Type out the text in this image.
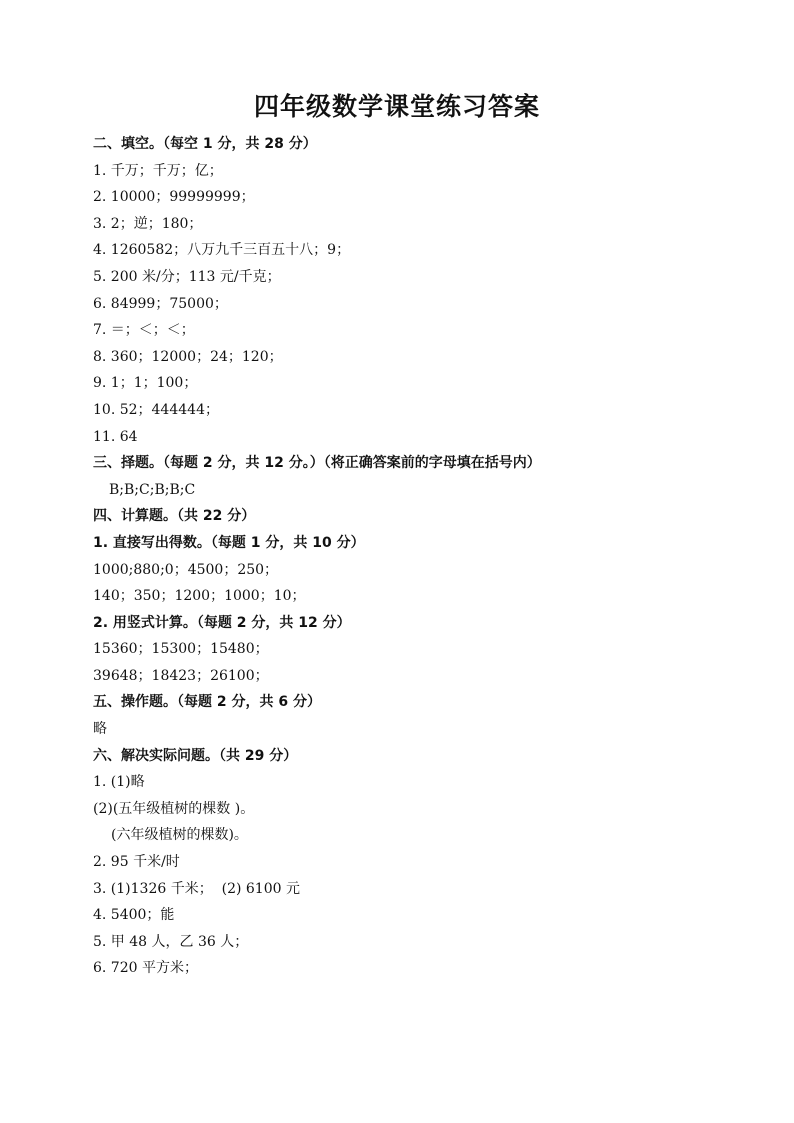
四年级数学课堂练习答案
二、填空。（每空 1 分，共 28 分）
1. 千万；千万；亿；
2. 10000；99999999；
3. 2；逆；180；
4. 1260582；八万九千三百五十八；9；
5. 200 米/分；113 元/千克；
6. 84999；75000；
7. ＝；＜；＜；
8. 360；12000；24；120；
9. 1；1；100；
10. 52；444444；
11. 64
三、择题。（每题 2 分，共 12 分。）（将正确答案前的字母填在括号内）
B;B;C;B;B;C
四、计算题。（共 22 分）
1. 直接写出得数。（每题 1 分，共 10 分）
1000;880;0；4500；250；
140；350；1200；1000；10；
2. 用竖式计算。（每题 2 分，共 12 分）
15360；15300；15480；
39648；18423；26100；
五、操作题。（每题 2 分，共 6 分）
略
六、解决实际问题。（共 29 分）
1. (1)略
(2)(五年级植树的棵数 )。
(六年级植树的棵数)。
2. 95 千米/时
3. (1)1326 千米；  (2) 6100 元
4. 5400；能
5. 甲 48 人，乙 36 人；
6. 720 平方米；
